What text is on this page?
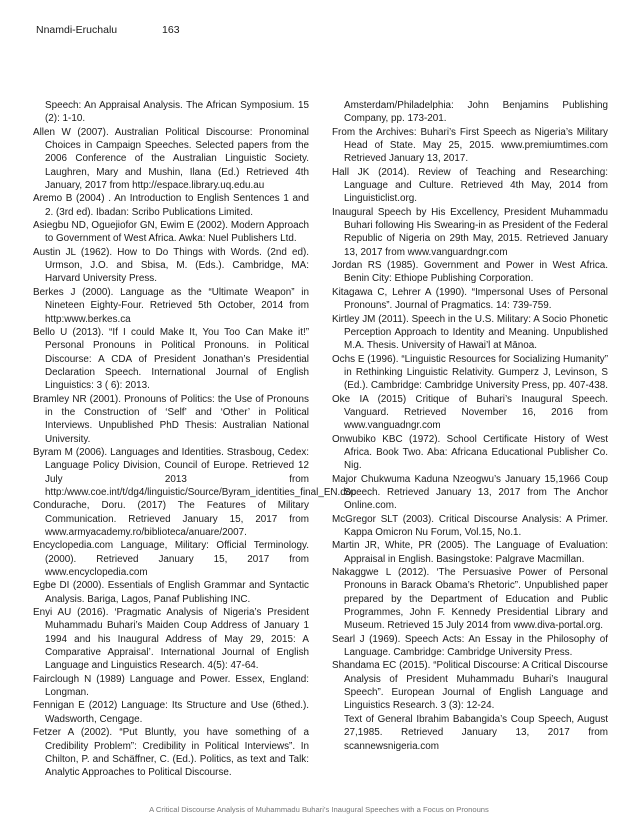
Nnamdi-Eruchalu	163

Speech: An Appraisal Analysis. The African Symposium. 15 (2): 1-10.

Allen W (2007). Australian Political Discourse: Pronominal Choices in Campaign Speeches. Selected papers from the 2006 Conference of the Australian Linguistic Society. Laughren, Mary and Mushin, Ilana (Ed.) Retrieved 4th January, 2017 from http://espace.library.uq.edu.au

Aremo B (2004) . An Introduction to English Sentences 1 and 2. (3rd ed). Ibadan: Scribo Publications Limited.

Asiegbu ND, Oguejiofor GN, Ewim E (2002). Modern Approach to Government of West Africa. Awka: Nuel Publishers Ltd.

Austin JL (1962). How to Do Things with Words. (2nd ed). Urmson, J.O. and Sbisa, M. (Eds.). Cambridge, MA: Harvard University Press.

Berkes J (2000). Language as the “Ultimate Weapon” in Nineteen Eighty-Four. Retrieved 5th October, 2014 from http:www.berkes.ca

Bello U (2013). “If I could Make It, You Too Can Make it!” Personal Pronouns in Political Pronouns. in Political Discourse: A CDA of President Jonathan’s Presidential Declaration Speech. International Journal of English Linguistics: 3 ( 6): 2013.

Bramley NR (2001). Pronouns of Politics: the Use of Pronouns in the Construction of ‘Self’ and ‘Other’ in Political Interviews. Unpublished PhD Thesis: Australian National University.

Byram M (2006). Languages and Identities. Strasboug, Cedex: Language Policy Division, Council of Europe. Retrieved 12 July 2013 from http:/www.coe.int/t/dg4/linguistic/Source/Byram_identities_final_EN.doc

Condurache, Doru. (2017) The Features of Military Communication. Retrieved January 15, 2017 from www.armyacademy.ro/biblioteca/anuare/2007.

Encyclopedia.com Language, Military: Official Terminology. (2000). Retrieved January 15, 2017 from www.encyclopedia.com

Egbe DI (2000). Essentials of English Grammar and Syntactic Analysis. Bariga, Lagos, Panaf Publishing INC.

Enyi AU (2016). ‘Pragmatic Analysis of Nigeria’s President Muhammadu Buhari’s Maiden Coup Address of January 1 1994 and his Inaugural Address of May 29, 2015: A Comparative Appraisal’. International Journal of English Language and Linguistics Research. 4(5): 47-64.

Fairclough N (1989) Language and Power. Essex, England: Longman.

Fennigan E (2012) Language: Its Structure and Use (6thed.). Wadsworth, Cengage.

Fetzer A (2002). “Put Bluntly, you have something of a Credibility Problem”: Credibility in Political Interviews”. In Chilton, P. and Schäffner, C. (Ed.). Politics, as text and Talk: Analytic Approaches to Political Discourse.

Amsterdam/Philadelphia: John Benjamins Publishing Company, pp. 173-201.

From the Archives: Buhari’s First Speech as Nigeria’s Military Head of State. May 25, 2015. www.premiumtimes.com Retrieved January 13, 2017.

Hall JK (2014). Review of Teaching and Researching: Language and Culture. Retrieved 4th May, 2014 from Linguisticlist.org.

Inaugural Speech by His Excellency, President Muhammadu Buhari following His Swearing-in as President of the Federal Republic of Nigeria on 29th May, 2015. Retrieved January 13, 2017 from www.vanguardngr.com

Jordan RS (1985). Government and Power in West Africa. Benin City: Ethiope Publishing Corporation.

Kitagawa C, Lehrer A (1990). “Impersonal Uses of Personal Pronouns”. Journal of Pragmatics. 14: 739-759.

Kirtley JM (2011). Speech in the U.S. Military: A Socio Phonetic Perception Approach to Identity and Meaning. Unpublished M.A. Thesis. University of Hawai’l at Mānoa.

Ochs E (1996). “Linguistic Resources for Socializing Humanity” in Rethinking Linguistic Relativity. Gumperz J, Levinson, S (Ed.). Cambridge: Cambridge University Press, pp. 407-438.

Oke IA (2015) Critique of Buhari’s Inaugural Speech. Vanguard. Retrieved November 16, 2016 from www.vanguadngr.com

Onwubiko KBC (1972). School Certificate History of West Africa. Book Two. Aba: Africana Educational Publisher Co. Nig.

Major Chukwuma Kaduna Nzeogwu’s January 15,1966 Coup Speech. Retrieved January 13, 2017 from The Anchor Online.com.

McGregor SLT (2003). Critical Discourse Analysis: A Primer. Kappa Omicron Nu Forum, Vol.15, No.1.

Martin JR, White, PR (2005). The Language of Evaluation: Appraisal in English. Basingstoke: Palgrave Macmillan.

Nakaggwe L (2012). ‘The Persuasive Power of Personal Pronouns in Barack Obama’s Rhetoric”. Unpublished paper prepared by the Department of Education and Public Programmes, John F. Kennedy Presidential Library and Museum. Retrieved 15 July 2014 from www.diva-portal.org.

Searl J (1969). Speech Acts: An Essay in the Philosophy of Language. Cambridge: Cambridge University Press.

Shandama EC (2015). “Political Discourse: A Critical Discourse Analysis of President Muhammadu Buhari’s Inaugural Speech”. European Journal of English Language and Linguistics Research. 3 (3): 12-24.

Text of General Ibrahim Babangida’s Coup Speech, August 27,1985. Retrieved January 13, 2017 from scannewsnigeria.com

A Critical Discourse Analysis of Muhammadu Buhari’s Inaugural Speeches with a Focus on Pronouns
